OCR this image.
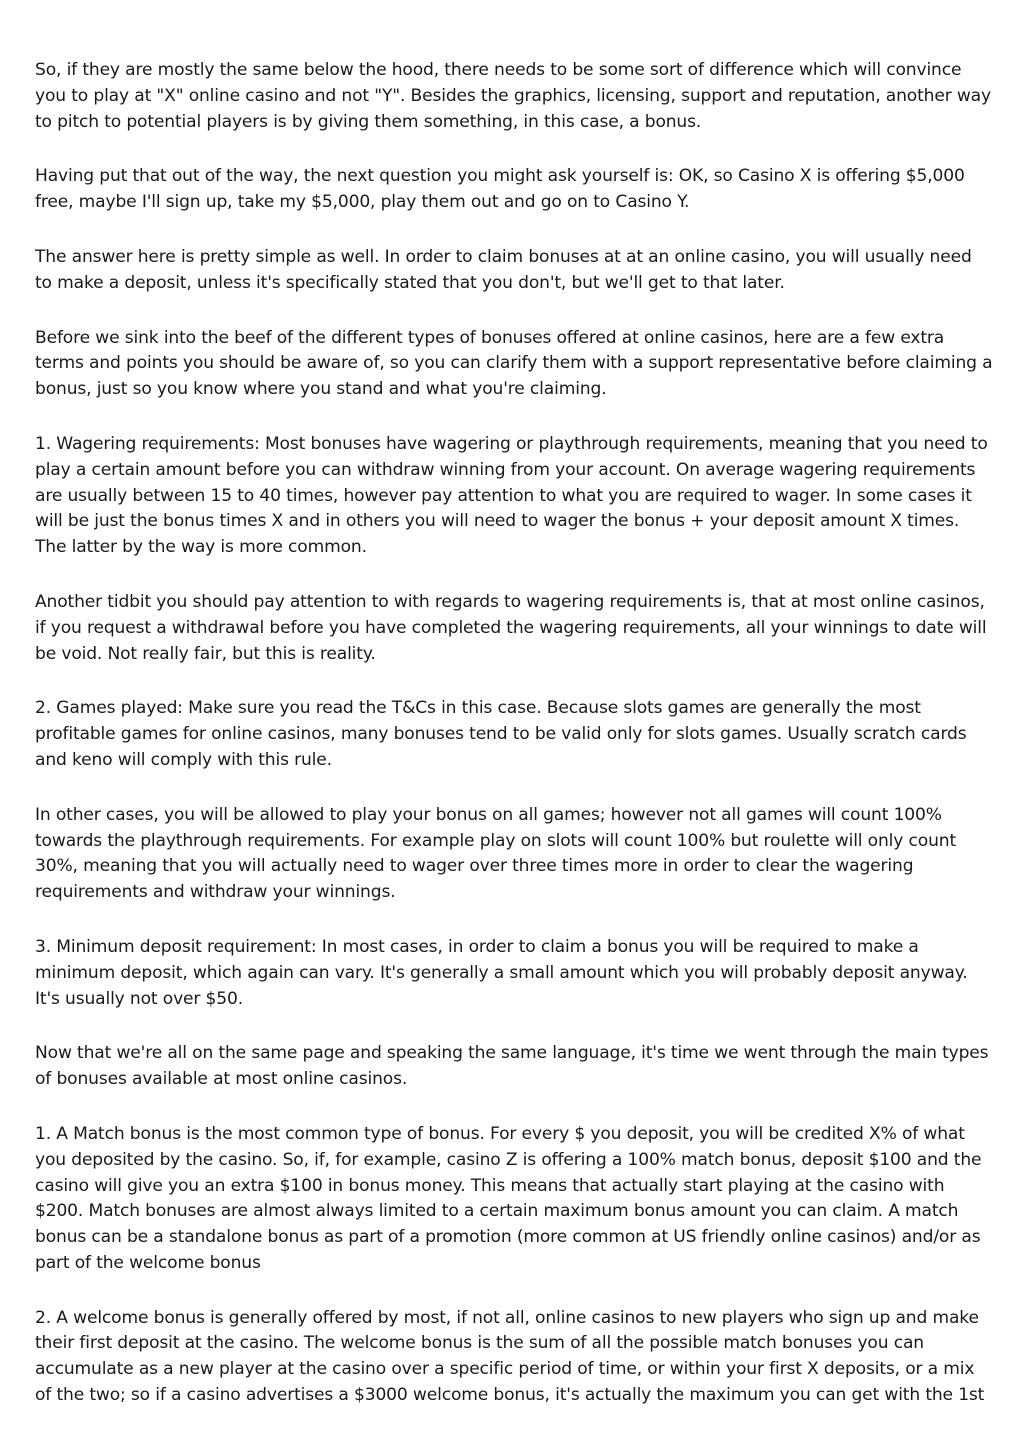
So, if they are mostly the same below the hood, there needs to be some sort of difference which will convince you to play at "X" online casino and not "Y". Besides the graphics, licensing, support and reputation, another way to pitch to potential players is by giving them something, in this case, a bonus.

Having put that out of the way, the next question you might ask yourself is: OK, so Casino X is offering $5,000 free, maybe I'll sign up, take my $5,000, play them out and go on to Casino Y.

The answer here is pretty simple as well. In order to claim bonuses at at an online casino, you will usually need to make a deposit, unless it's specifically stated that you don't, but we'll get to that later.

Before we sink into the beef of the different types of bonuses offered at online casinos, here are a few extra terms and points you should be aware of, so you can clarify them with a support representative before claiming a bonus, just so you know where you stand and what you're claiming.

1. Wagering requirements: Most bonuses have wagering or playthrough requirements, meaning that you need to play a certain amount before you can withdraw winning from your account. On average wagering requirements are usually between 15 to 40 times, however pay attention to what you are required to wager. In some cases it will be just the bonus times X and in others you will need to wager the bonus + your deposit amount X times. The latter by the way is more common.

Another tidbit you should pay attention to with regards to wagering requirements is, that at most online casinos, if you request a withdrawal before you have completed the wagering requirements, all your winnings to date will be void. Not really fair, but this is reality.

2. Games played: Make sure you read the T&Cs in this case. Because slots games are generally the most profitable games for online casinos, many bonuses tend to be valid only for slots games. Usually scratch cards and keno will comply with this rule.

In other cases, you will be allowed to play your bonus on all games; however not all games will count 100% towards the playthrough requirements. For example play on slots will count 100% but roulette will only count 30%, meaning that you will actually need to wager over three times more in order to clear the wagering requirements and withdraw your winnings.

3. Minimum deposit requirement: In most cases, in order to claim a bonus you will be required to make a minimum deposit, which again can vary. It's generally a small amount which you will probably deposit anyway. It's usually not over $50.

Now that we're all on the same page and speaking the same language, it's time we went through the main types of bonuses available at most online casinos.

1. A Match bonus is the most common type of bonus. For every $ you deposit, you will be credited X% of what you deposited by the casino. So, if, for example, casino Z is offering a 100% match bonus, deposit $100 and the casino will give you an extra $100 in bonus money. This means that actually start playing at the casino with $200. Match bonuses are almost always limited to a certain maximum bonus amount you can claim. A match bonus can be a standalone bonus as part of a promotion (more common at US friendly online casinos) and/or as part of the welcome bonus

2. A welcome bonus is generally offered by most, if not all, online casinos to new players who sign up and make their first deposit at the casino. The welcome bonus is the sum of all the possible match bonuses you can accumulate as a new player at the casino over a specific period of time, or within your first X deposits, or a mix of the two; so if a casino advertises a $3000 welcome bonus, it's actually the maximum you can get with the 1st
